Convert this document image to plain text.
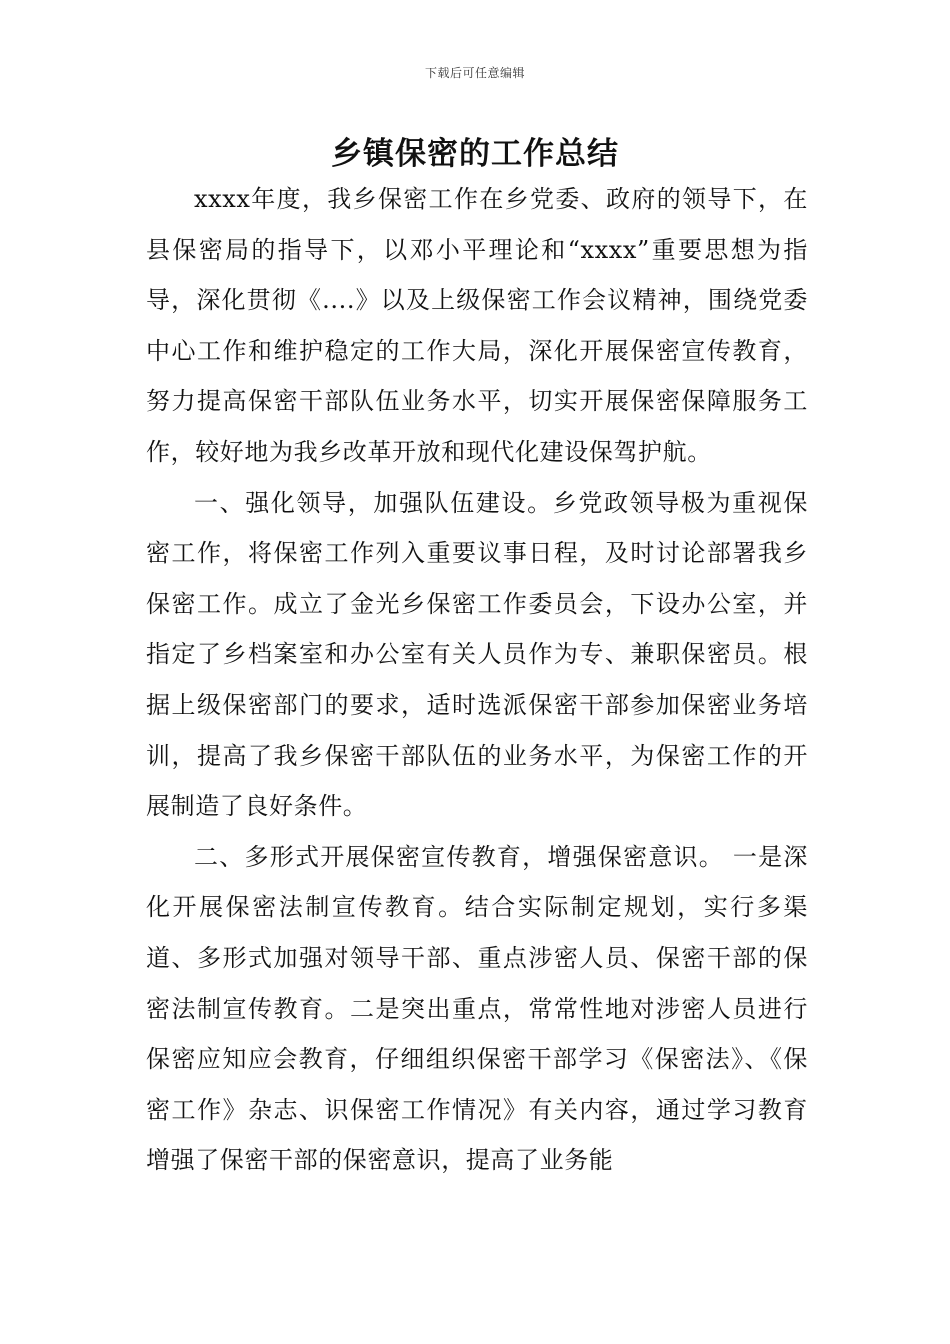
下载后可任意编辑
乡镇保密的工作总结

xxxx年度，我乡保密工作在乡党委、政府的领导下，在县保密局的指导下，以邓小平理论和“xxxx”重要思想为指导，深化贯彻《....》以及上级保密工作会议精神，围绕党委中心工作和维护稳定的工作大局，深化开展保密宣传教育，努力提高保密干部队伍业务水平，切实开展保密保障服务工作，较好地为我乡改革开放和现代化建设保驾护航。

一、强化领导，加强队伍建设。乡党政领导极为重视保密工作，将保密工作列入重要议事日程，及时讨论部署我乡保密工作。成立了金光乡保密工作委员会，下设办公室，并指定了乡档案室和办公室有关人员作为专、兼职保密员。根据上级保密部门的要求，适时选派保密干部参加保密业务培训，提高了我乡保密干部队伍的业务水平，为保密工作的开展制造了良好条件。

二、多形式开展保密宣传教育，增强保密意识。 一是深化开展保密法制宣传教育。结合实际制定规划，实行多渠道、多形式加强对领导干部、重点涉密人员、保密干部的保密法制宣传教育。二是突出重点，常常性地对涉密人员进行保密应知应会教育，仔细组织保密干部学习《保密法》、《保密工作》杂志、识保密工作情况》有关内容，通过学习教育增强了保密干部的保密意识，提高了业务能
